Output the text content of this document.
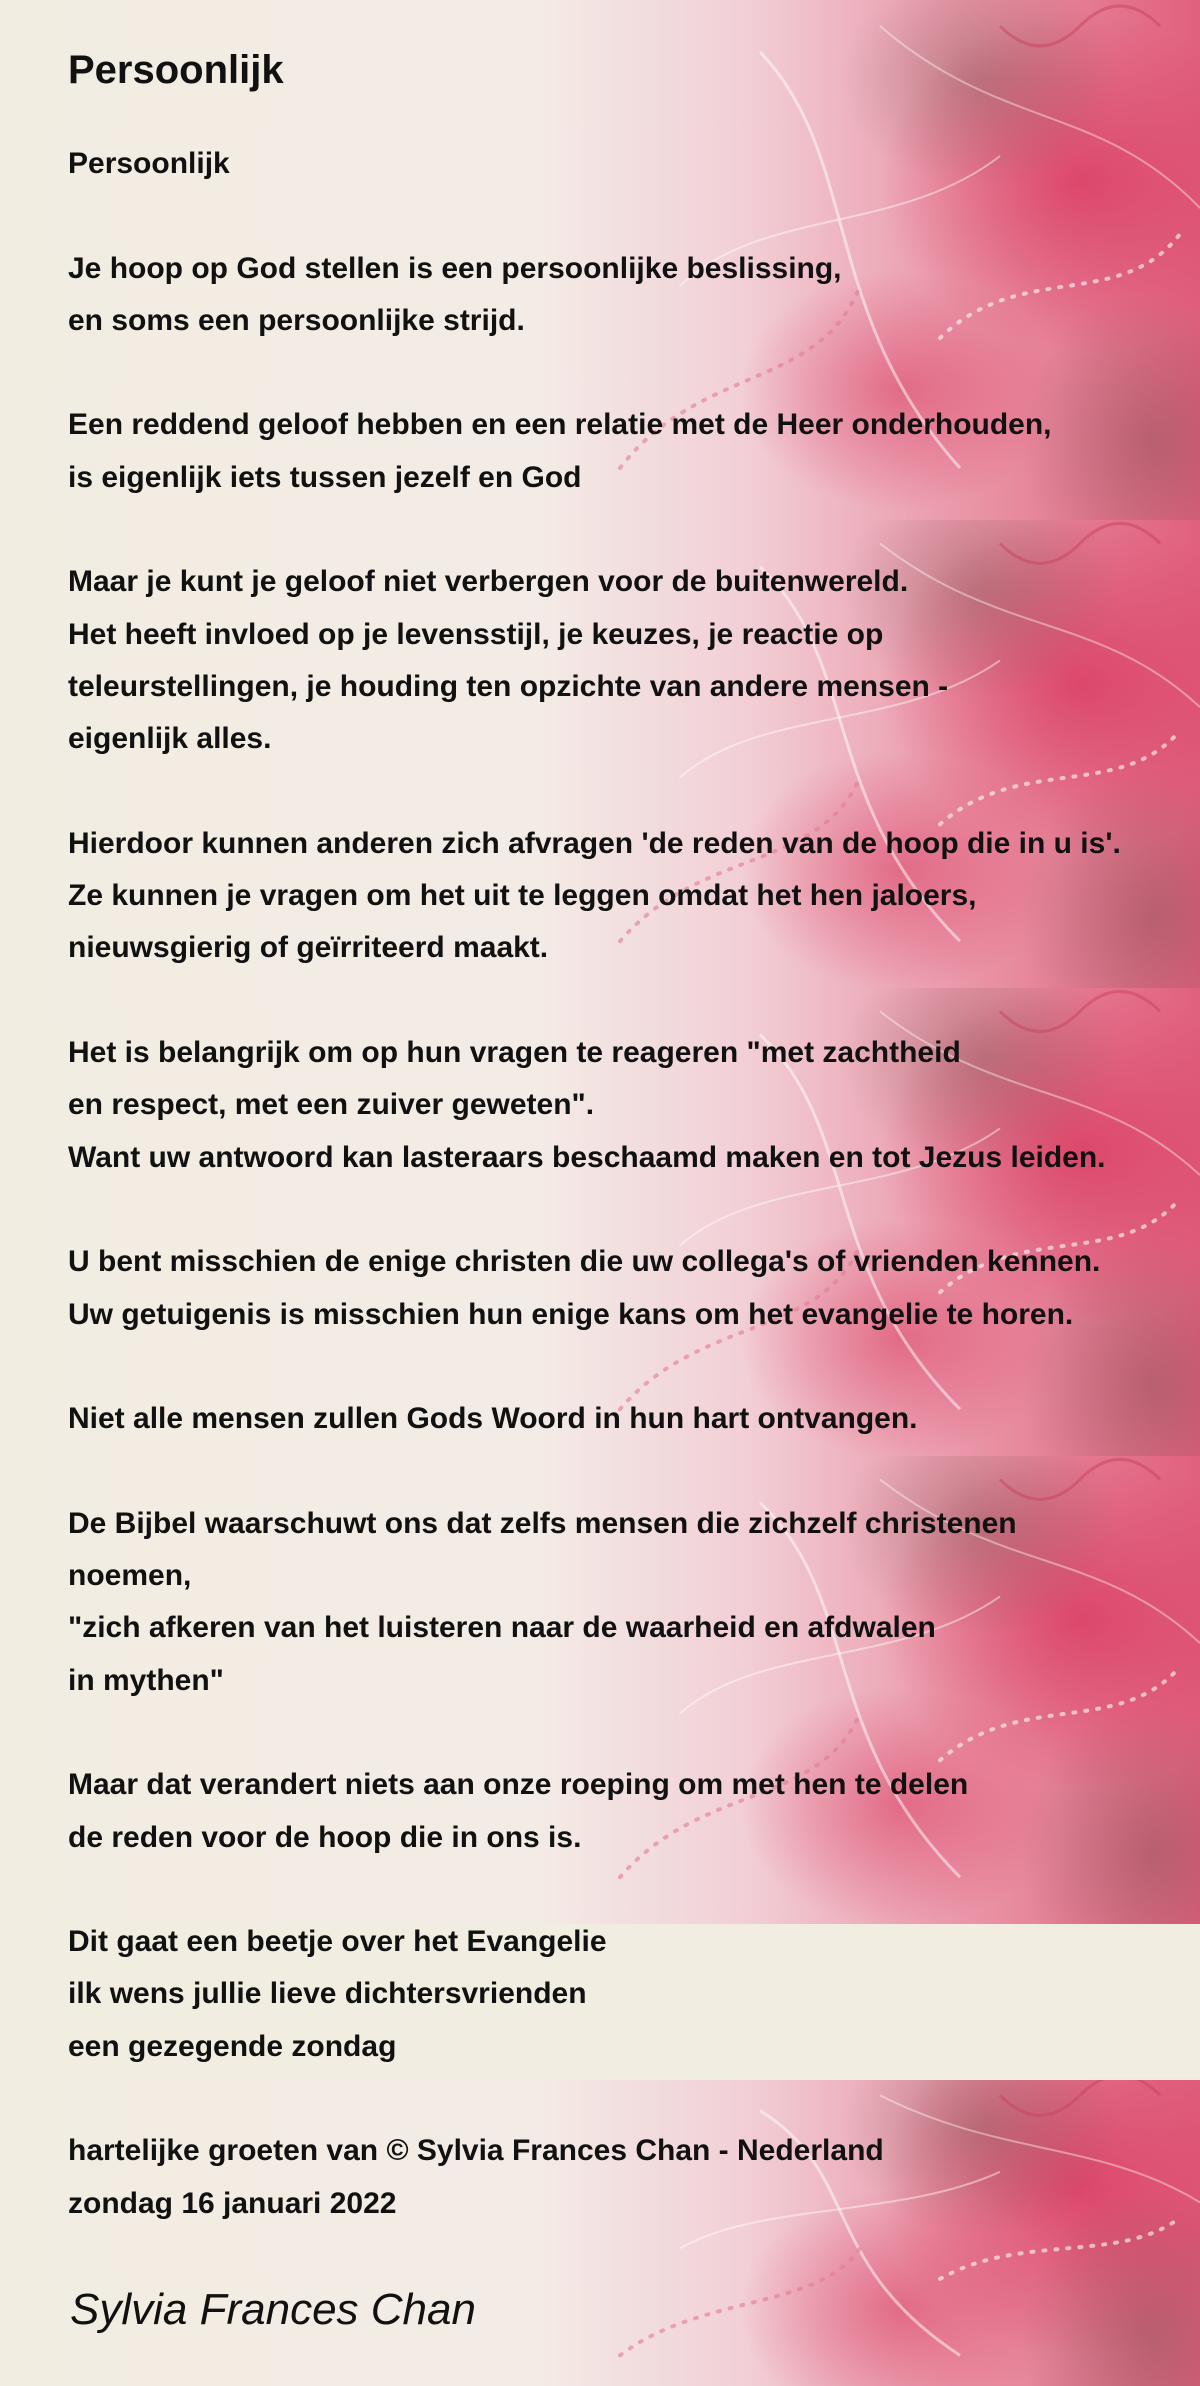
Persoonlijk
Persoonlijk
Je hoop op God stellen is een persoonlijke beslissing,
en soms een persoonlijke strijd.
Een reddend geloof hebben en een relatie met de Heer onderhouden,
is eigenlijk iets tussen jezelf en God
Maar je kunt je geloof niet verbergen voor de buitenwereld.
Het heeft invloed op je levensstijl, je keuzes, je reactie op
teleurstellingen, je houding ten opzichte van andere mensen -
eigenlijk alles.
Hierdoor kunnen anderen zich afvragen 'de reden van de hoop die in u is'.
Ze kunnen je vragen om het uit te leggen omdat het hen jaloers,
nieuwsgierig of geïrriteerd maakt.
Het is belangrijk om op hun vragen te reageren "met zachtheid
en respect, met een zuiver geweten".
Want uw antwoord kan lasteraars beschaamd maken en tot Jezus leiden.
U bent misschien de enige christen die uw collega's of vrienden kennen.
Uw getuigenis is misschien hun enige kans om het evangelie te horen.
Niet alle mensen zullen Gods Woord in hun hart ontvangen.
De Bijbel waarschuwt ons dat zelfs mensen die zichzelf christenen
noemen,
"zich afkeren van het luisteren naar de waarheid en afdwalen
in mythen"
Maar dat verandert niets aan onze roeping om met hen te delen
de reden voor de hoop die in ons is.
Dit gaat een beetje over het Evangelie
ilk wens jullie lieve dichtersvrienden
een gezegende zondag
hartelijke groeten van © Sylvia Frances Chan - Nederland
zondag 16 januari 2022
Sylvia Frances Chan
